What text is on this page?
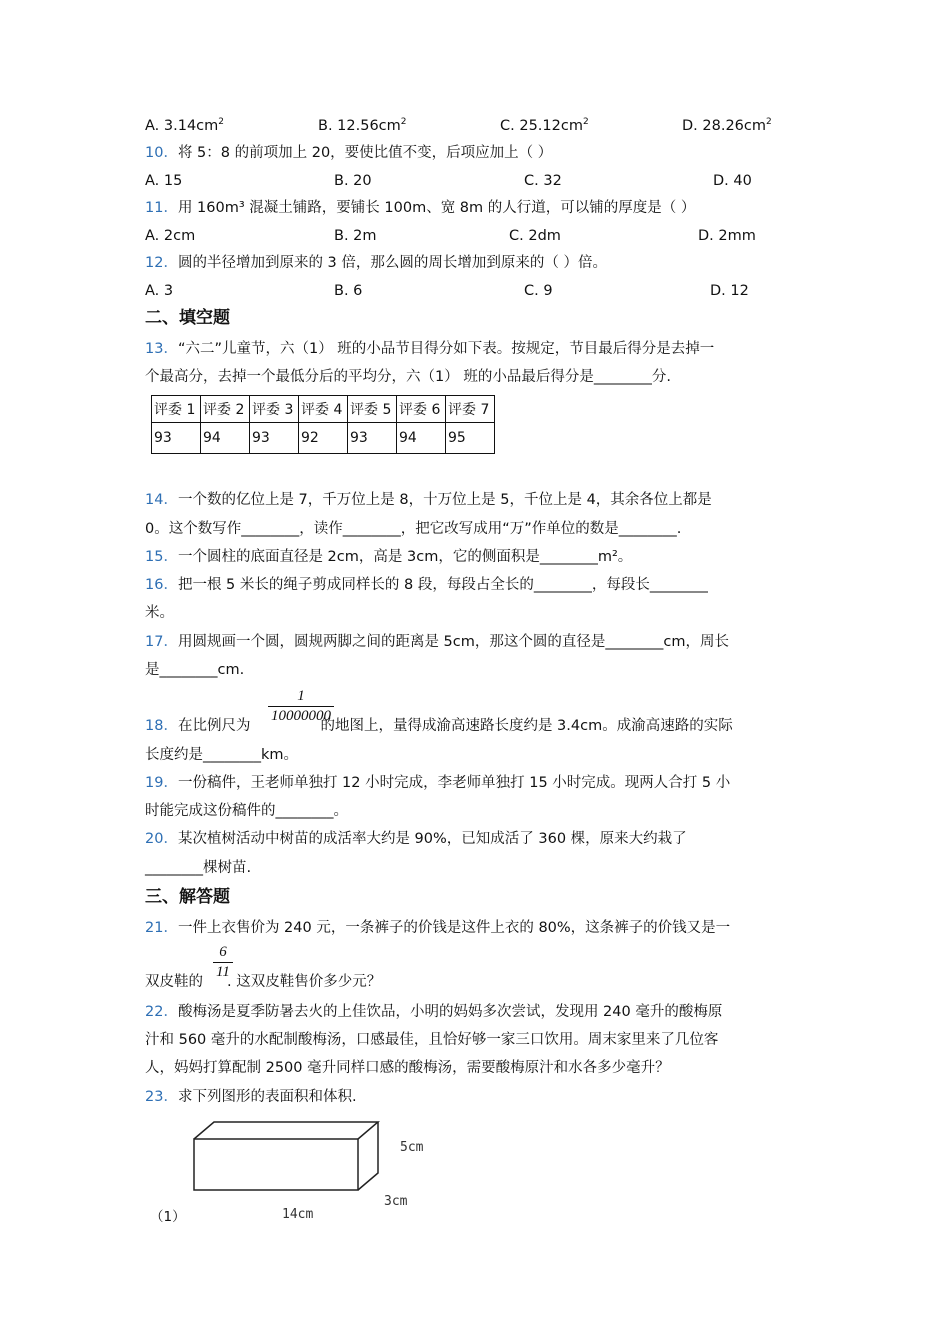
A. $3.14cm^2$	B. $12.56cm^2$	C. $25.12cm^2$	D. $28.26cm^2$
10．将 5：8 的前项加上 20，要使比值不变，后项应加上（ ）
A. 15	B. 20	C. 32	D. 40
11．用 160m³ 混凝土铺路，要铺长 100m、宽 8m 的人行道，可以铺的厚度是（ ）
A. 2cm	B. 2m	C. 2dm	D. 2mm
12．圆的半径增加到原来的 3 倍，那么圆的周长增加到原来的（ ）倍。
A. 3	B. 6	C. 9	D. 12
二、填空题
13．“六二”儿童节，六（1） 班的小品节目得分如下表。按规定，节目最后得分是去掉一
个最高分，去掉一个最低分后的平均分，六（1） 班的小品最后得分是________分.
评委 1	评委 2	评委 3	评委 4	评委 5	评委 6	评委 7
93	94	93	92	93	94	95
14．一个数的亿位上是 7，千万位上是 8，十万位上是 5，千位上是 4，其余各位上都是
0。这个数写作________，读作________，把它改写成用“万”作单位的数是________.
15．一个圆柱的底面直径是 2cm，高是 3cm，它的侧面积是________m²。
16．把一根 5 米长的绳子剪成同样长的 8 段，每段占全长的________，每段长________
米。
17．用圆规画一个圆，圆规两脚之间的距离是 5cm，那这个圆的直径是________cm，周长
是________cm.
1
10000000
18．在比例尺为	的地图上，量得成渝高速路长度约是 3.4cm。成渝高速路的实际
长度约是________km。
19．一份稿件，王老师单独打 12 小时完成，李老师单独打 15 小时完成。现两人合打 5 小
时能完成这份稿件的________。
20．某次植树活动中树苗的成活率大约是 90%，已知成活了 360 棵，原来大约栽了
________棵树苗.
三、解答题
21．一件上衣售价为 240 元，一条裤子的价钱是这件上衣的 80%，这条裤子的价钱又是一
6
11
双皮鞋的 . 这双皮鞋售价多少元？
22．酸梅汤是夏季防暑去火的上佳饮品，小明的妈妈多次尝试，发现用 240 毫升的酸梅原
汁和 560 毫升的水配制酸梅汤，口感最佳，且恰好够一家三口饮用。周末家里来了几位客
人，妈妈打算配制 2500 毫升同样口感的酸梅汤，需要酸梅原汁和水各多少毫升？
23．求下列图形的表面积和体积.
5cm
3cm
14cm
（1）
